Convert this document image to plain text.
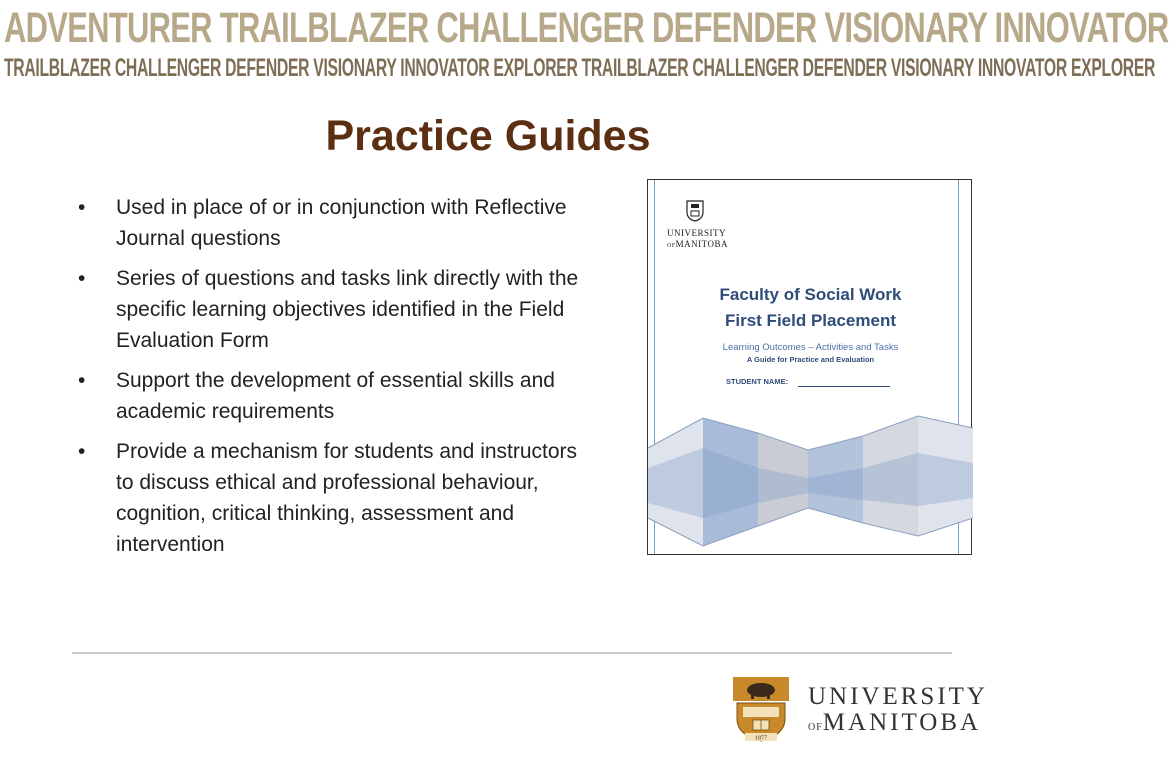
ADVENTURER TRAILBLAZER CHALLENGER DEFENDER VISIONARY INNOVATOR
TRAILBLAZER CHALLENGER DEFENDER VISIONARY INNOVATOR EXPLORER TRAILBLAZER CHALLENGER DEFENDER VISIONARY INNOVATOR EXPLORER
Practice Guides
• Used in place of or in conjunction with Reflective Journal questions
• Series of questions and tasks link directly with the specific learning objectives identified in the Field Evaluation Form
• Support the development of essential skills and academic requirements
• Provide a mechanism for students and instructors to discuss ethical and professional behaviour, cognition, critical thinking, assessment and intervention
UNIVERSITY
OFMANITOBA
Faculty of Social Work
First Field Placement
Learning Outcomes – Activities and Tasks
A Guide for Practice and Evaluation
STUDENT NAME:
1877
UNIVERSITY
OFMANITOBA
